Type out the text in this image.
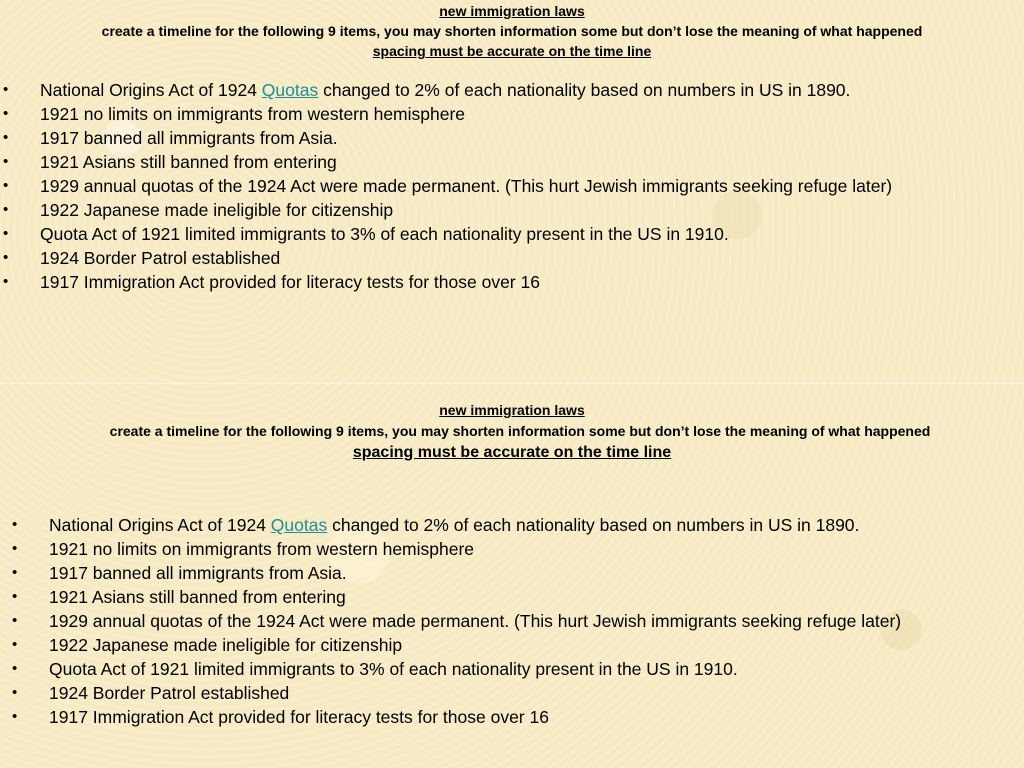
new immigration laws
create a timeline for the following 9 items, you may shorten information some but don’t lose the meaning of what happened
spacing must be accurate on the time line
•	National Origins Act of 1924 Quotas changed to 2% of each nationality based on numbers in US in 1890.
•	1921 no limits on immigrants from western hemisphere
•	1917 banned all immigrants from Asia.
•	1921 Asians still banned from entering
•	1929 annual quotas of the 1924 Act were made permanent. (This hurt Jewish immigrants seeking refuge later)
•	1922 Japanese made ineligible for citizenship
•	Quota Act of 1921 limited immigrants to 3% of each nationality present in the US in 1910.
•	1924 Border Patrol established
•	1917 Immigration Act provided for literacy tests for those over 16
new immigration laws
create a timeline for the following 9 items, you may shorten information some but don’t lose the meaning of what happened
spacing must be accurate on the time line
•	National Origins Act of 1924 Quotas changed to 2% of each nationality based on numbers in US in 1890.
•	1921 no limits on immigrants from western hemisphere
•	1917 banned all immigrants from Asia.
•	1921 Asians still banned from entering
•	1929 annual quotas of the 1924 Act were made permanent. (This hurt Jewish immigrants seeking refuge later)
•	1922 Japanese made ineligible for citizenship
•	Quota Act of 1921 limited immigrants to 3% of each nationality present in the US in 1910.
•	1924 Border Patrol established
•	1917 Immigration Act provided for literacy tests for those over 16
